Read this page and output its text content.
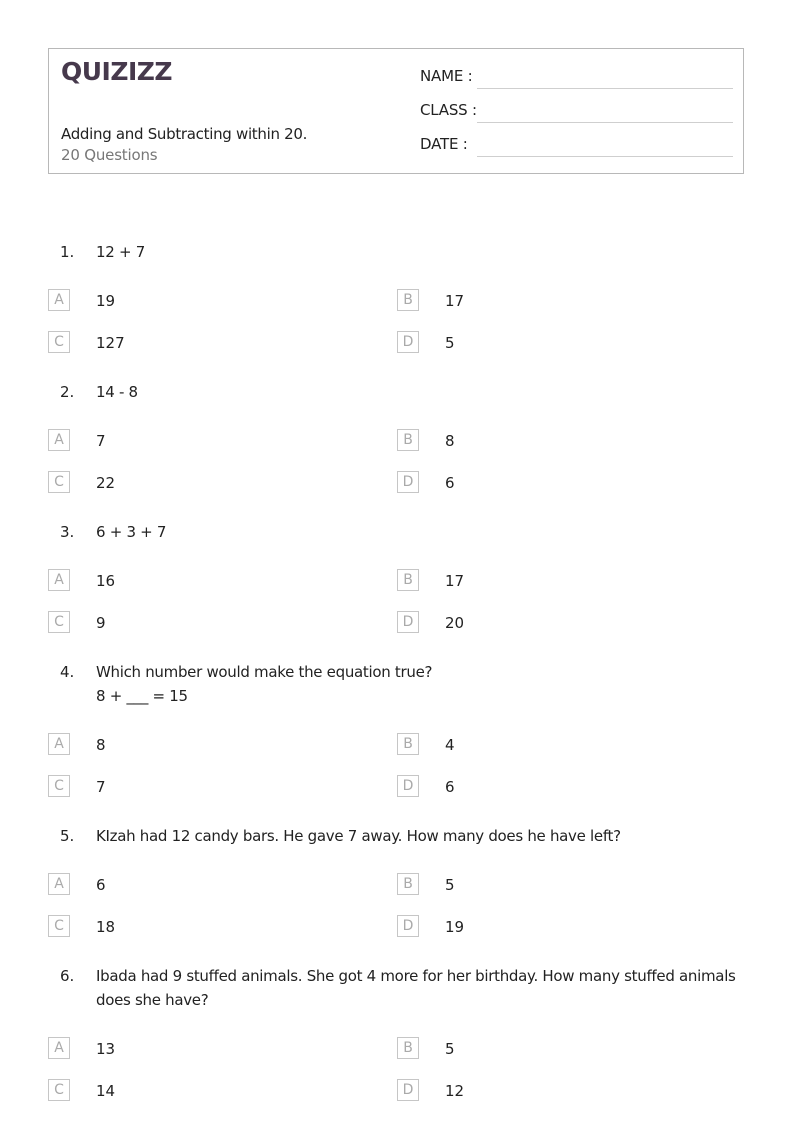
QUIZIZZ
Adding and Subtracting within 20.
20 Questions
NAME :
CLASS :
DATE :
1. 12 + 7
A	19	B	17
C	127	D	5
2. 14 - 8
A	7	B	8
C	22	D	6
3. 6 + 3 + 7
A	16	B	17
C	9	D	20
4. Which number would make the equation true?
8 + ___ = 15
A	8	B	4
C	7	D	6
5. KIzah had 12 candy bars. He gave 7 away. How many does he have left?
A	6	B	5
C	18	D	19
6. Ibada had 9 stuffed animals. She got 4 more for her birthday. How many stuffed animals does she have?
A	13	B	5
C	14	D	12
